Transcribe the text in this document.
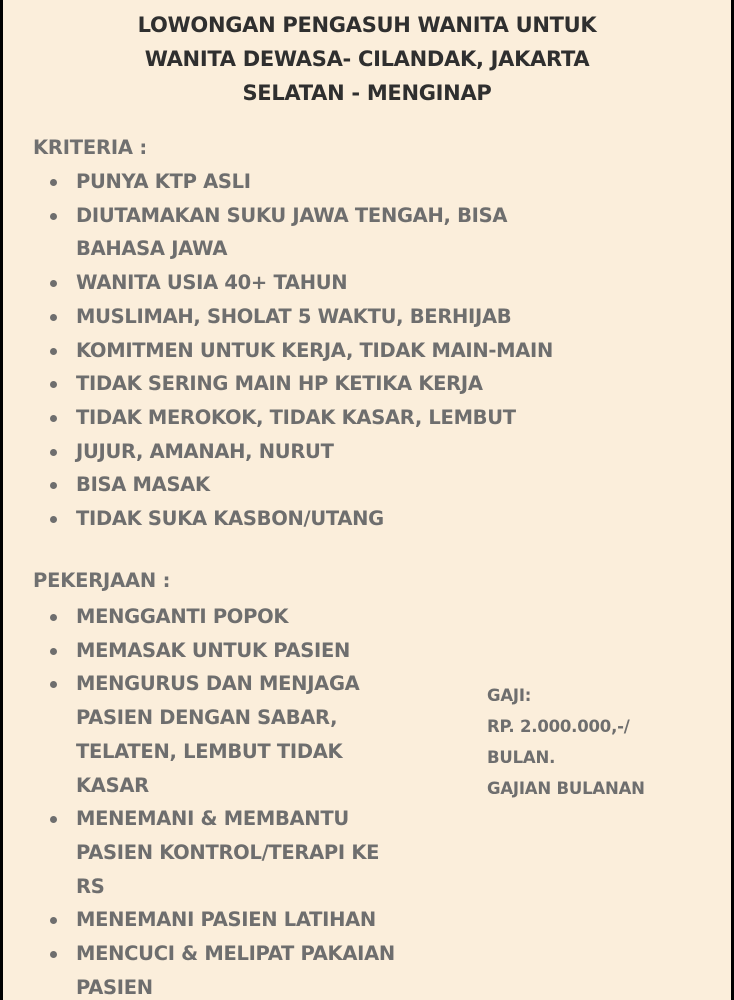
LOWONGAN PENGASUH WANITA UNTUK
WANITA DEWASA- CILANDAK, JAKARTA
SELATAN - MENGINAP

KRITERIA :

PUNYA KTP ASLI
DIUTAMAKAN SUKU JAWA TENGAH, BISA
BAHASA JAWA
WANITA USIA 40+ TAHUN
MUSLIMAH, SHOLAT 5 WAKTU, BERHIJAB
KOMITMEN UNTUK KERJA, TIDAK MAIN-MAIN
TIDAK SERING MAIN HP KETIKA KERJA
TIDAK MEROKOK, TIDAK KASAR, LEMBUT
JUJUR, AMANAH, NURUT
BISA MASAK
TIDAK SUKA KASBON/UTANG

PEKERJAAN :

MENGGANTI POPOK
MEMASAK UNTUK PASIEN
MENGURUS DAN MENJAGA
PASIEN DENGAN SABAR,
TELATEN, LEMBUT TIDAK
KASAR
MENEMANI & MEMBANTU
PASIEN KONTROL/TERAPI KE
RS
MENEMANI PASIEN LATIHAN
MENCUCI & MELIPAT PAKAIAN
PASIEN
GAJI:
RP. 2.000.000,-/
BULAN.
GAJIAN BULANAN
